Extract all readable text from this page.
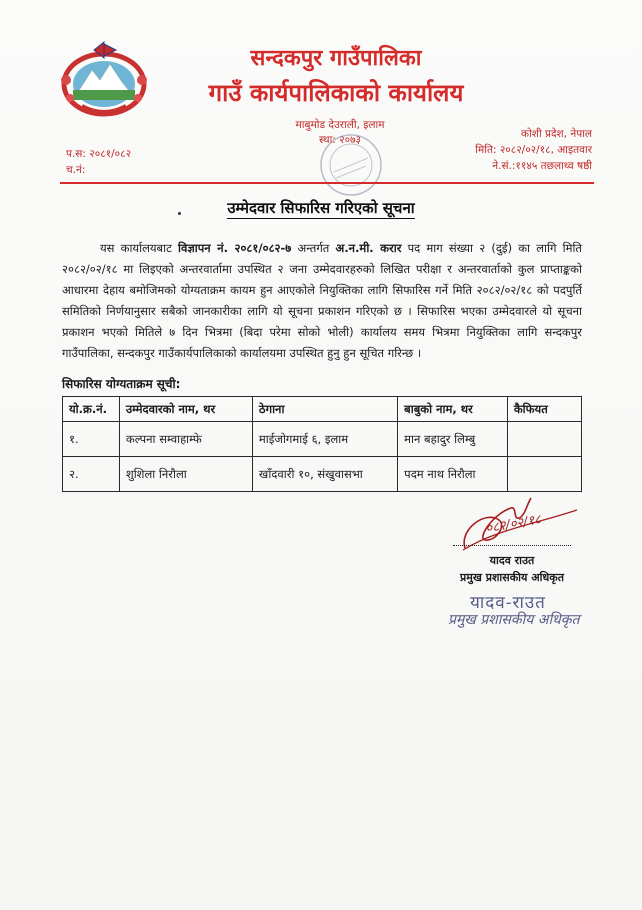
सन्दकपुर गाउँपालिका
गाउँ कार्यपालिकाको कार्यालय
माबुमोड देउराली, इलाम
स्था: २०७३	कोशी प्रदेश, नेपाल
मिति: २०८२/०२/१८, आइतवार
ने.सं.:११४५ तछलाथ्व षष्ठी
प.स: २०८१/०८२
च.नं:
उम्मेदवार सिफारिस गरिएको सूचना
यस कार्यालयबाट विज्ञापन नं. २०८१/०८२-७ अन्तर्गत अ.न.मी. करार पद माग संख्या २ (दुई) का लागि मिति २०८२/०२/१८ मा लिइएको अन्तरवार्तामा उपस्थित २ जना उम्मेदवारहरुको लिखित परीक्षा र अन्तरवार्ताको कुल प्राप्ताङ्कको आधारमा देहाय बमोजिमको योग्यताक्रम कायम हुन आएकोले नियुक्तिका लागि सिफारिस गर्ने मिति २०८२/०२/१८ को पदपुर्ति समितिको निर्णयानुसार सबैको जानकारीका लागि यो सूचना प्रकाशन गरिएको छ । सिफारिस भएका उम्मेदवारले यो सूचना प्रकाशन भएको मितिले ७ दिन भित्रमा (बिदा परेमा सोको भोली) कार्यालय समय भित्रमा नियुक्तिका लागि सन्दकपुर गाउँपालिका, सन्दकपुर गाउँकार्यपालिकाको कार्यालयमा उपस्थित हुनु हुन सूचित गरिन्छ ।
सिफारिस योग्यताक्रम सूची:
यो.क्र.नं.	उम्मेदवारको नाम, थर	ठेगाना	बाबुको नाम, थर	कैफियत
१.	कल्पना सम्वाहाम्फे	माईजोगमाई ६, इलाम	मान बहादुर लिम्बु	
२.	शुशिला निरौला	खाँदवारी १०, संखुवासभा	पदम नाथ निरौला	
०८२/०२/१८
यादव राउत
प्रमुख प्रशासकीय अधिकृत
यादव-राउत
प्रमुख प्रशासकीय अधिकृत
